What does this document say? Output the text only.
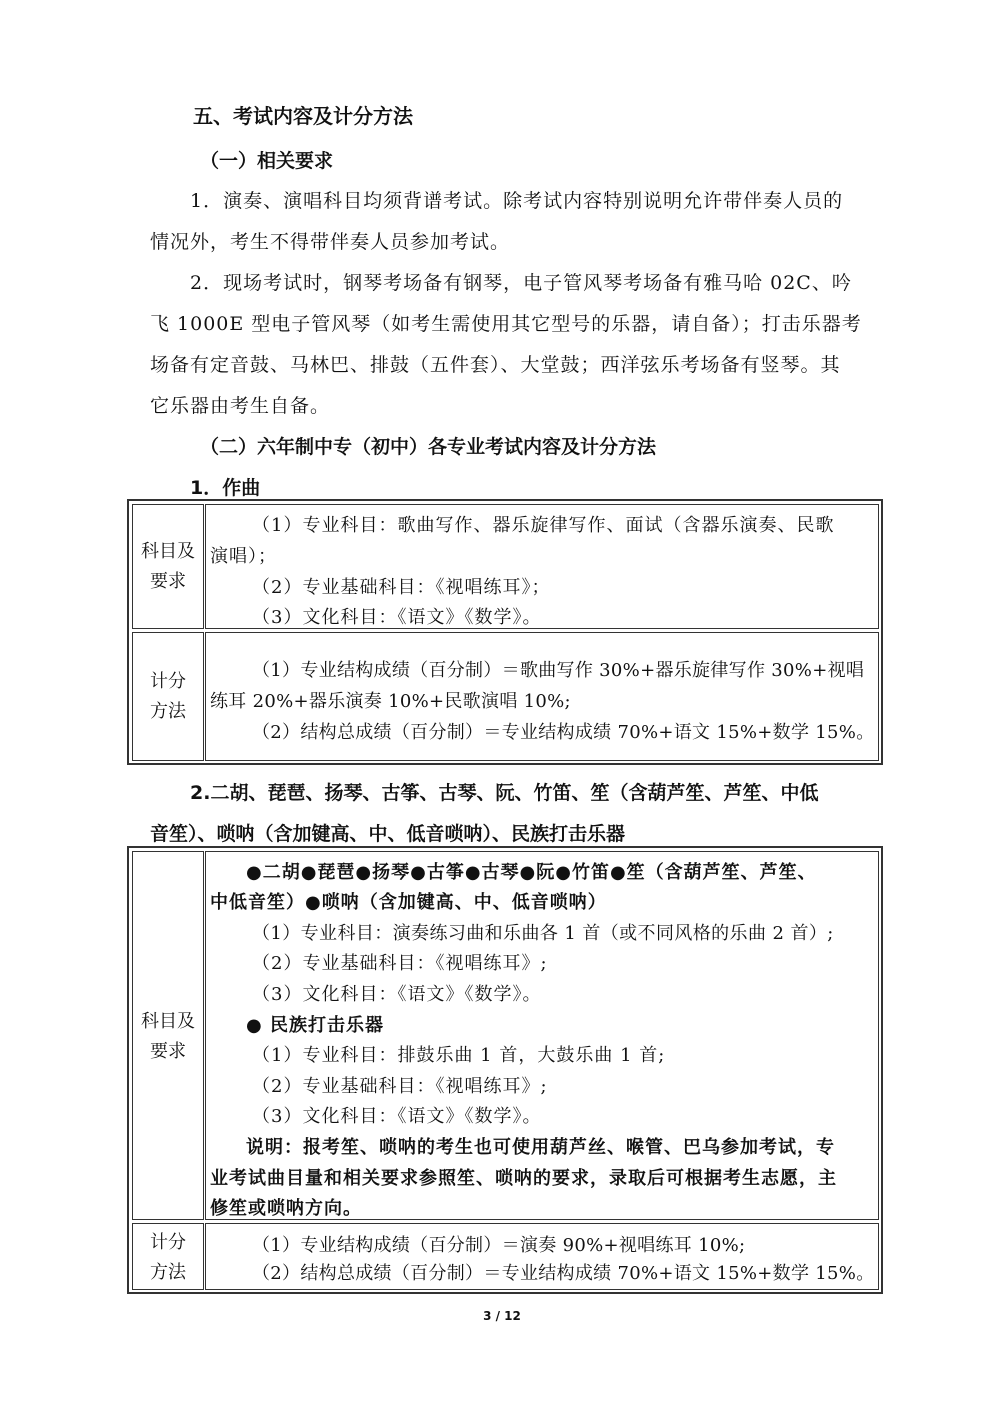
五、考试内容及计分方法
（一）相关要求
1．演奏、演唱科目均须背谱考试。除考试内容特别说明允许带伴奏人员的
情况外，考生不得带伴奏人员参加考试。
2．现场考试时，钢琴考场备有钢琴，电子管风琴考场备有雅马哈 02C、吟
飞 1000E 型电子管风琴（如考生需使用其它型号的乐器，请自备）；打击乐器考
场备有定音鼓、马林巴、排鼓（五件套）、大堂鼓；西洋弦乐考场备有竖琴。其
它乐器由考生自备。
（二）六年制中专（初中）各专业考试内容及计分方法
1．作曲
科目及
要求
（1）专业科目：歌曲写作、器乐旋律写作、面试（含器乐演奏、民歌
演唱）；
（2）专业基础科目：《视唱练耳》；
（3）文化科目：《语文》《数学》。
计分
方法
（1）专业结构成绩（百分制）＝歌曲写作 30%+器乐旋律写作 30%+视唱
练耳 20%+器乐演奏 10%+民歌演唱 10%;
（2）结构总成绩（百分制）＝专业结构成绩 70%+语文 15%+数学 15%。
2.二胡、琵琶、扬琴、古筝、古琴、阮、竹笛、笙（含葫芦笙、芦笙、中低
音笙）、唢呐（含加键高、中、低音唢呐）、民族打击乐器
科目及
要求
●二胡●琵琶●扬琴●古筝●古琴●阮●竹笛●笙（含葫芦笙、芦笙、
中低音笙）●唢呐（含加键高、中、低音唢呐）
（1）专业科目：演奏练习曲和乐曲各 1 首（或不同风格的乐曲 2 首）;
（2）专业基础科目：《视唱练耳》;
（3）文化科目：《语文》《数学》。
● 民族打击乐器
（1）专业科目：排鼓乐曲 1 首，大鼓乐曲 1 首;
（2）专业基础科目：《视唱练耳》;
（3）文化科目：《语文》《数学》。
说明：报考笙、唢呐的考生也可使用葫芦丝、喉管、巴乌参加考试，专
业考试曲目量和相关要求参照笙、唢呐的要求，录取后可根据考生志愿，主
修笙或唢呐方向。
计分
方法
（1）专业结构成绩（百分制）＝演奏 90%+视唱练耳 10%;
（2）结构总成绩（百分制）＝专业结构成绩 70%+语文 15%+数学 15%。
3 / 12
